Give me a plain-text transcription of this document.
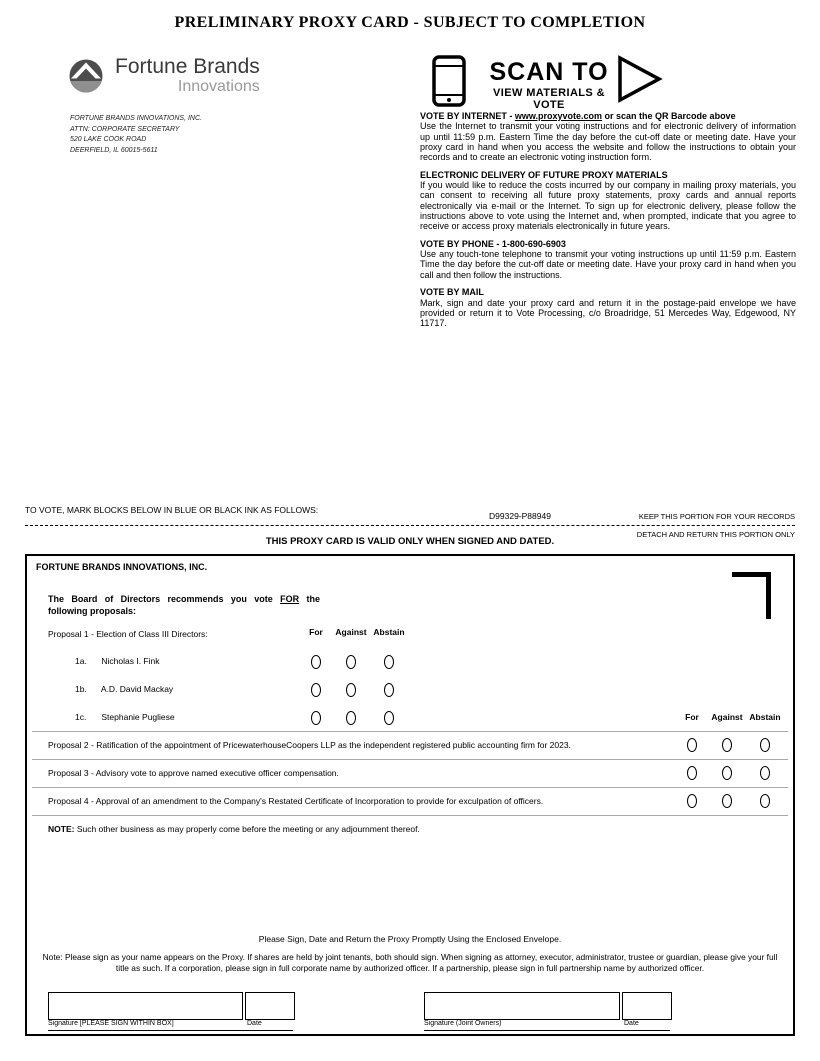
PRELIMINARY PROXY CARD - SUBJECT TO COMPLETION
Fortune Brands
Innovations
FORTUNE BRANDS INNOVATIONS, INC.
ATTN: CORPORATE SECRETARY
520 LAKE COOK ROAD
DEERFIELD, IL 60015-5611
SCAN TO
VIEW MATERIALS & VOTE

VOTE BY INTERNET - www.proxyvote.com or scan the QR Barcode above

Use the Internet to transmit your voting instructions and for electronic delivery of information up until 11:59 p.m. Eastern Time the day before the cut-off date or meeting date. Have your proxy card in hand when you access the website and follow the instructions to obtain your records and to create an electronic voting instruction form.

ELECTRONIC DELIVERY OF FUTURE PROXY MATERIALS

If you would like to reduce the costs incurred by our company in mailing proxy materials, you can consent to receiving all future proxy statements, proxy cards and annual reports electronically via e-mail or the Internet. To sign up for electronic delivery, please follow the instructions above to vote using the Internet and, when prompted, indicate that you agree to receive or access proxy materials electronically in future years.

VOTE BY PHONE - 1-800-690-6903

Use any touch-tone telephone to transmit your voting instructions up until 11:59 p.m. Eastern Time the day before the cut-off date or meeting date. Have your proxy card in hand when you call and then follow the instructions.

VOTE BY MAIL

Mark, sign and date your proxy card and return it in the postage-paid envelope we have provided or return it to Vote Processing, c/o Broadridge, 51 Mercedes Way, Edgewood, NY 11717.

TO VOTE, MARK BLOCKS BELOW IN BLUE OR BLACK INK AS FOLLOWS:
D99329-P88949	KEEP THIS PORTION FOR YOUR RECORDS
DETACH AND RETURN THIS PORTION ONLY
THIS PROXY CARD IS VALID ONLY WHEN SIGNED AND DATED.
FORTUNE BRANDS INNOVATIONS, INC.
The Board of Directors recommends you vote FOR the following proposals:
Proposal 1 - Election of Class III Directors:	For	Against Abstain
1a. Nicholas I. Fink
1b. A.D. David Mackay
1c. Stephanie Pugliese	For	Against Abstain
Proposal 2 - Ratification of the appointment of PricewaterhouseCoopers LLP as the independent registered public accounting firm for 2023.
Proposal 3 - Advisory vote to approve named executive officer compensation.
Proposal 4 - Approval of an amendment to the Company's Restated Certificate of Incorporation to provide for exculpation of officers.
NOTE: Such other business as may properly come before the meeting or any adjournment thereof.
Please Sign, Date and Return the Proxy Promptly Using the Enclosed Envelope.
Note: Please sign as your name appears on the Proxy. If shares are held by joint tenants, both should sign. When signing as attorney, executor, administrator, trustee or guardian, please give your full title as such. If a corporation, please sign in full corporate name by authorized officer. If a partnership, please sign in full partnership name by authorized officer.
Signature [PLEASE SIGN WITHIN BOX]	Date	Signature (Joint Owners)	Date
